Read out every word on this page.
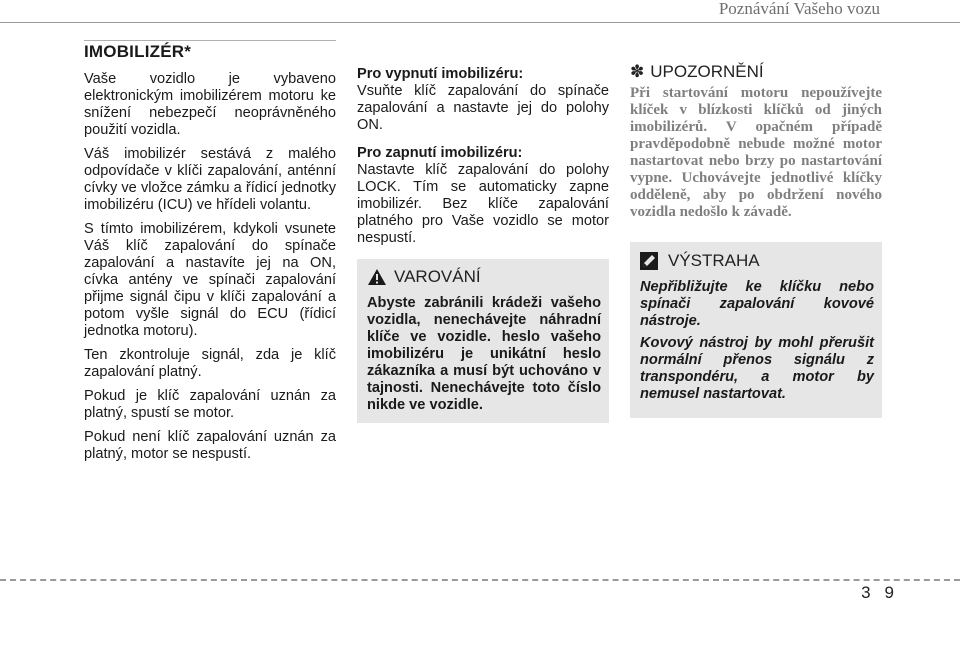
Poznávání Vašeho vozu
IMOBILIZÉR*

Vaše vozidlo je vybaveno elektronickým imobilizérem motoru ke snížení nebezpečí neoprávněného použití vozidla.

Váš imobilizér sestává z malého odpovídače v klíči zapalování, anténní cívky ve vložce zámku a řídicí jednotky imobilizéru (ICU) ve hřídeli volantu.

S tímto imobilizérem, kdykoli vsunete Váš klíč zapalování do spínače zapalování a nastavíte jej na ON, cívka antény ve spínači zapalování přijme signál čipu v klíči zapalování a potom vyšle signál do ECU (řídicí jednotka motoru).

Ten zkontroluje signál, zda je klíč zapalování platný.

Pokud je klíč zapalování uznán za platný, spustí se motor.

Pokud není klíč zapalování uznán za platný, motor se nespustí.

Pro vypnutí imobilizéru:

Vsuňte klíč zapalování do spínače zapalování a nastavte jej do polohy ON.

Pro zapnutí imobilizéru:

Nastavte klíč zapalování do polohy LOCK. Tím se automaticky zapne imobilizér. Bez klíče zapalování platného pro Vaše vozidlo se motor nespustí.

VAROVÁNÍ

Abyste zabránili krádeži vašeho vozidla, nenechávejte náhradní klíče ve vozidle. heslo vašeho imobilizéru je unikátní heslo zákazníka a musí být uchováno v tajnosti. Nenechávejte toto číslo nikde ve vozidle.

✽ UPOZORNĚNÍ

Při startování motoru nepoužívejte klíček v blízkosti klíčků od jiných imobilizérů. V opačném případě pravděpodobně nebude možné motor nastartovat nebo brzy po nastartování vypne. Uchovávejte jednotlivé klíčky odděleně, aby po obdržení nového vozidla nedošlo k závadě.

VÝSTRAHA

Nepřibližujte ke klíčku nebo spínači zapalování kovové nástroje.

Kovový nástroj by mohl přerušit normální přenos signálu z transpondéru, a motor by nemusel nastartovat.

3 9
